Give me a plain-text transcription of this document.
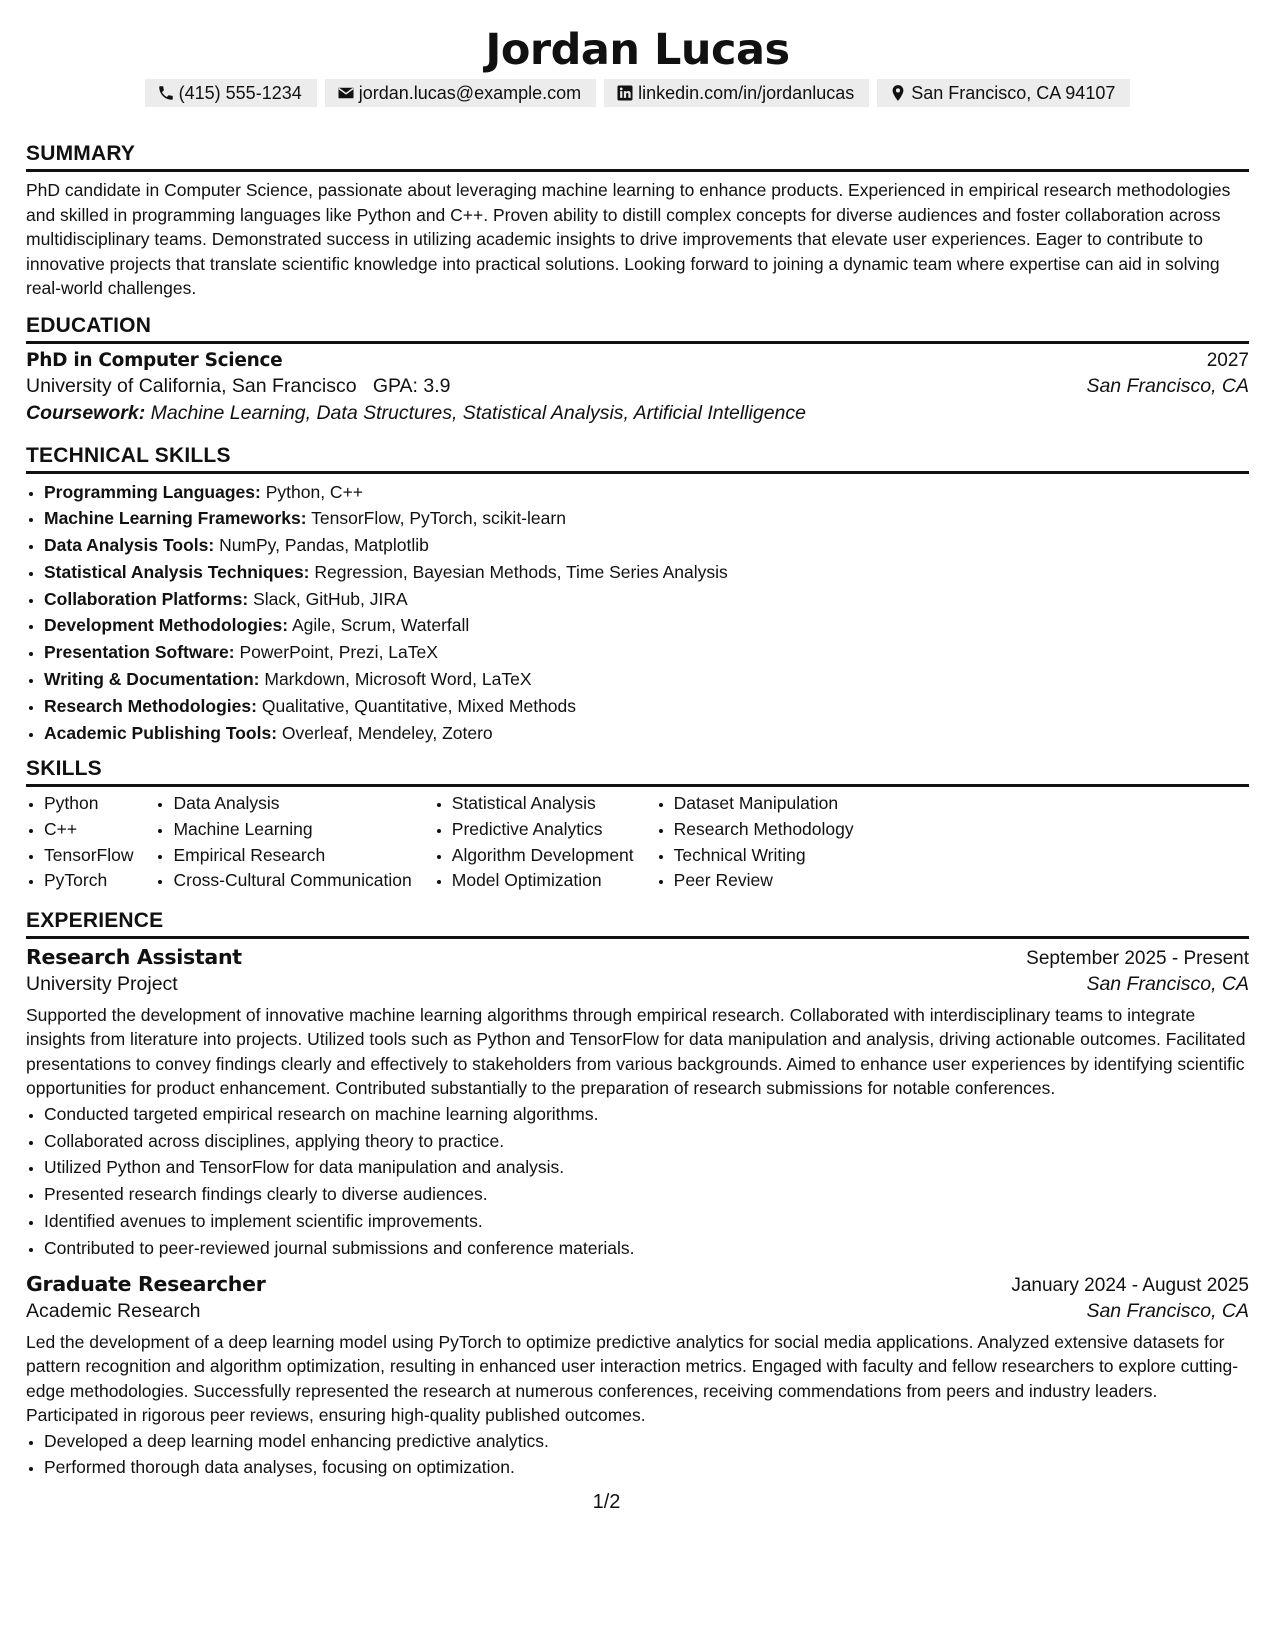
Jordan Lucas
(415) 555-1234	jordan.lucas@example.com	linkedin.com/in/jordanlucas	San Francisco, CA 94107
SUMMARY
PhD candidate in Computer Science, passionate about leveraging machine learning to enhance products. Experienced in empirical research methodologies and skilled in programming languages like Python and C++. Proven ability to distill complex concepts for diverse audiences and foster collaboration across multidisciplinary teams. Demonstrated success in utilizing academic insights to drive improvements that elevate user experiences. Eager to contribute to innovative projects that translate scientific knowledge into practical solutions. Looking forward to joining a dynamic team where expertise can aid in solving real-world challenges.
EDUCATION
PhD in Computer Science	2027
University of California, San Francisco GPA: 3.9	San Francisco, CA
Coursework: Machine Learning, Data Structures, Statistical Analysis, Artificial Intelligence
TECHNICAL SKILLS
• Programming Languages: Python, C++
• Machine Learning Frameworks: TensorFlow, PyTorch, scikit-learn
• Data Analysis Tools: NumPy, Pandas, Matplotlib
• Statistical Analysis Techniques: Regression, Bayesian Methods, Time Series Analysis
• Collaboration Platforms: Slack, GitHub, JIRA
• Development Methodologies: Agile, Scrum, Waterfall
• Presentation Software: PowerPoint, Prezi, LaTeX
• Writing & Documentation: Markdown, Microsoft Word, LaTeX
• Research Methodologies: Qualitative, Quantitative, Mixed Methods
• Academic Publishing Tools: Overleaf, Mendeley, Zotero
SKILLS
• Python
• C++
• TensorFlow
• PyTorch
• Data Analysis
• Machine Learning
• Empirical Research
• Cross-Cultural Communication
• Statistical Analysis
• Predictive Analytics
• Algorithm Development
• Model Optimization
• Dataset Manipulation
• Research Methodology
• Technical Writing
• Peer Review
EXPERIENCE
Research Assistant	September 2025 - Present
University Project	San Francisco, CA
Supported the development of innovative machine learning algorithms through empirical research. Collaborated with interdisciplinary teams to integrate insights from literature into projects. Utilized tools such as Python and TensorFlow for data manipulation and analysis, driving actionable outcomes. Facilitated presentations to convey findings clearly and effectively to stakeholders from various backgrounds. Aimed to enhance user experiences by identifying scientific opportunities for product enhancement. Contributed substantially to the preparation of research submissions for notable conferences.
• Conducted targeted empirical research on machine learning algorithms.
• Collaborated across disciplines, applying theory to practice.
• Utilized Python and TensorFlow for data manipulation and analysis.
• Presented research findings clearly to diverse audiences.
• Identified avenues to implement scientific improvements.
• Contributed to peer-reviewed journal submissions and conference materials.
Graduate Researcher	January 2024 - August 2025
Academic Research	San Francisco, CA
Led the development of a deep learning model using PyTorch to optimize predictive analytics for social media applications. Analyzed extensive datasets for pattern recognition and algorithm optimization, resulting in enhanced user interaction metrics. Engaged with faculty and fellow researchers to explore cutting-edge methodologies. Successfully represented the research at numerous conferences, receiving commendations from peers and industry leaders. Participated in rigorous peer reviews, ensuring high-quality published outcomes.
• Developed a deep learning model enhancing predictive analytics.
• Performed thorough data analyses, focusing on optimization.
1/2
